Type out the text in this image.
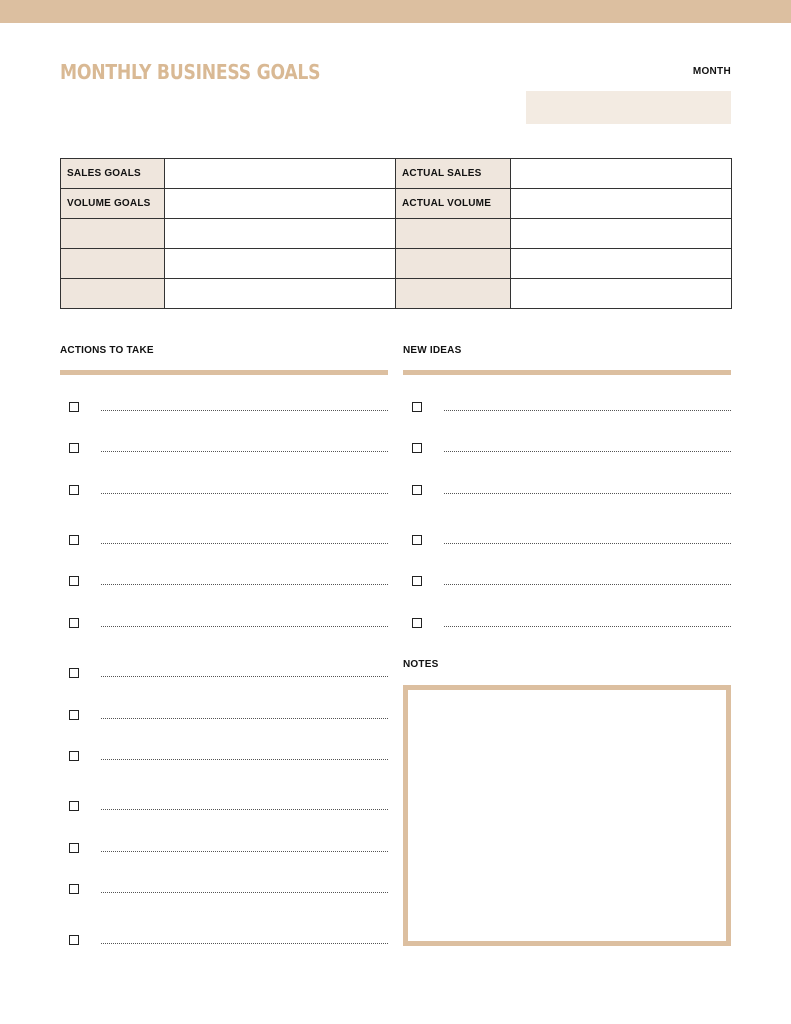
MONTHLY BUSINESS GOALS	MONTH
SALES GOALS		ACTUAL SALES	
VOLUME GOALS		ACTUAL VOLUME	

ACTIONS TO TAKE	NEW IDEAS
NOTES
